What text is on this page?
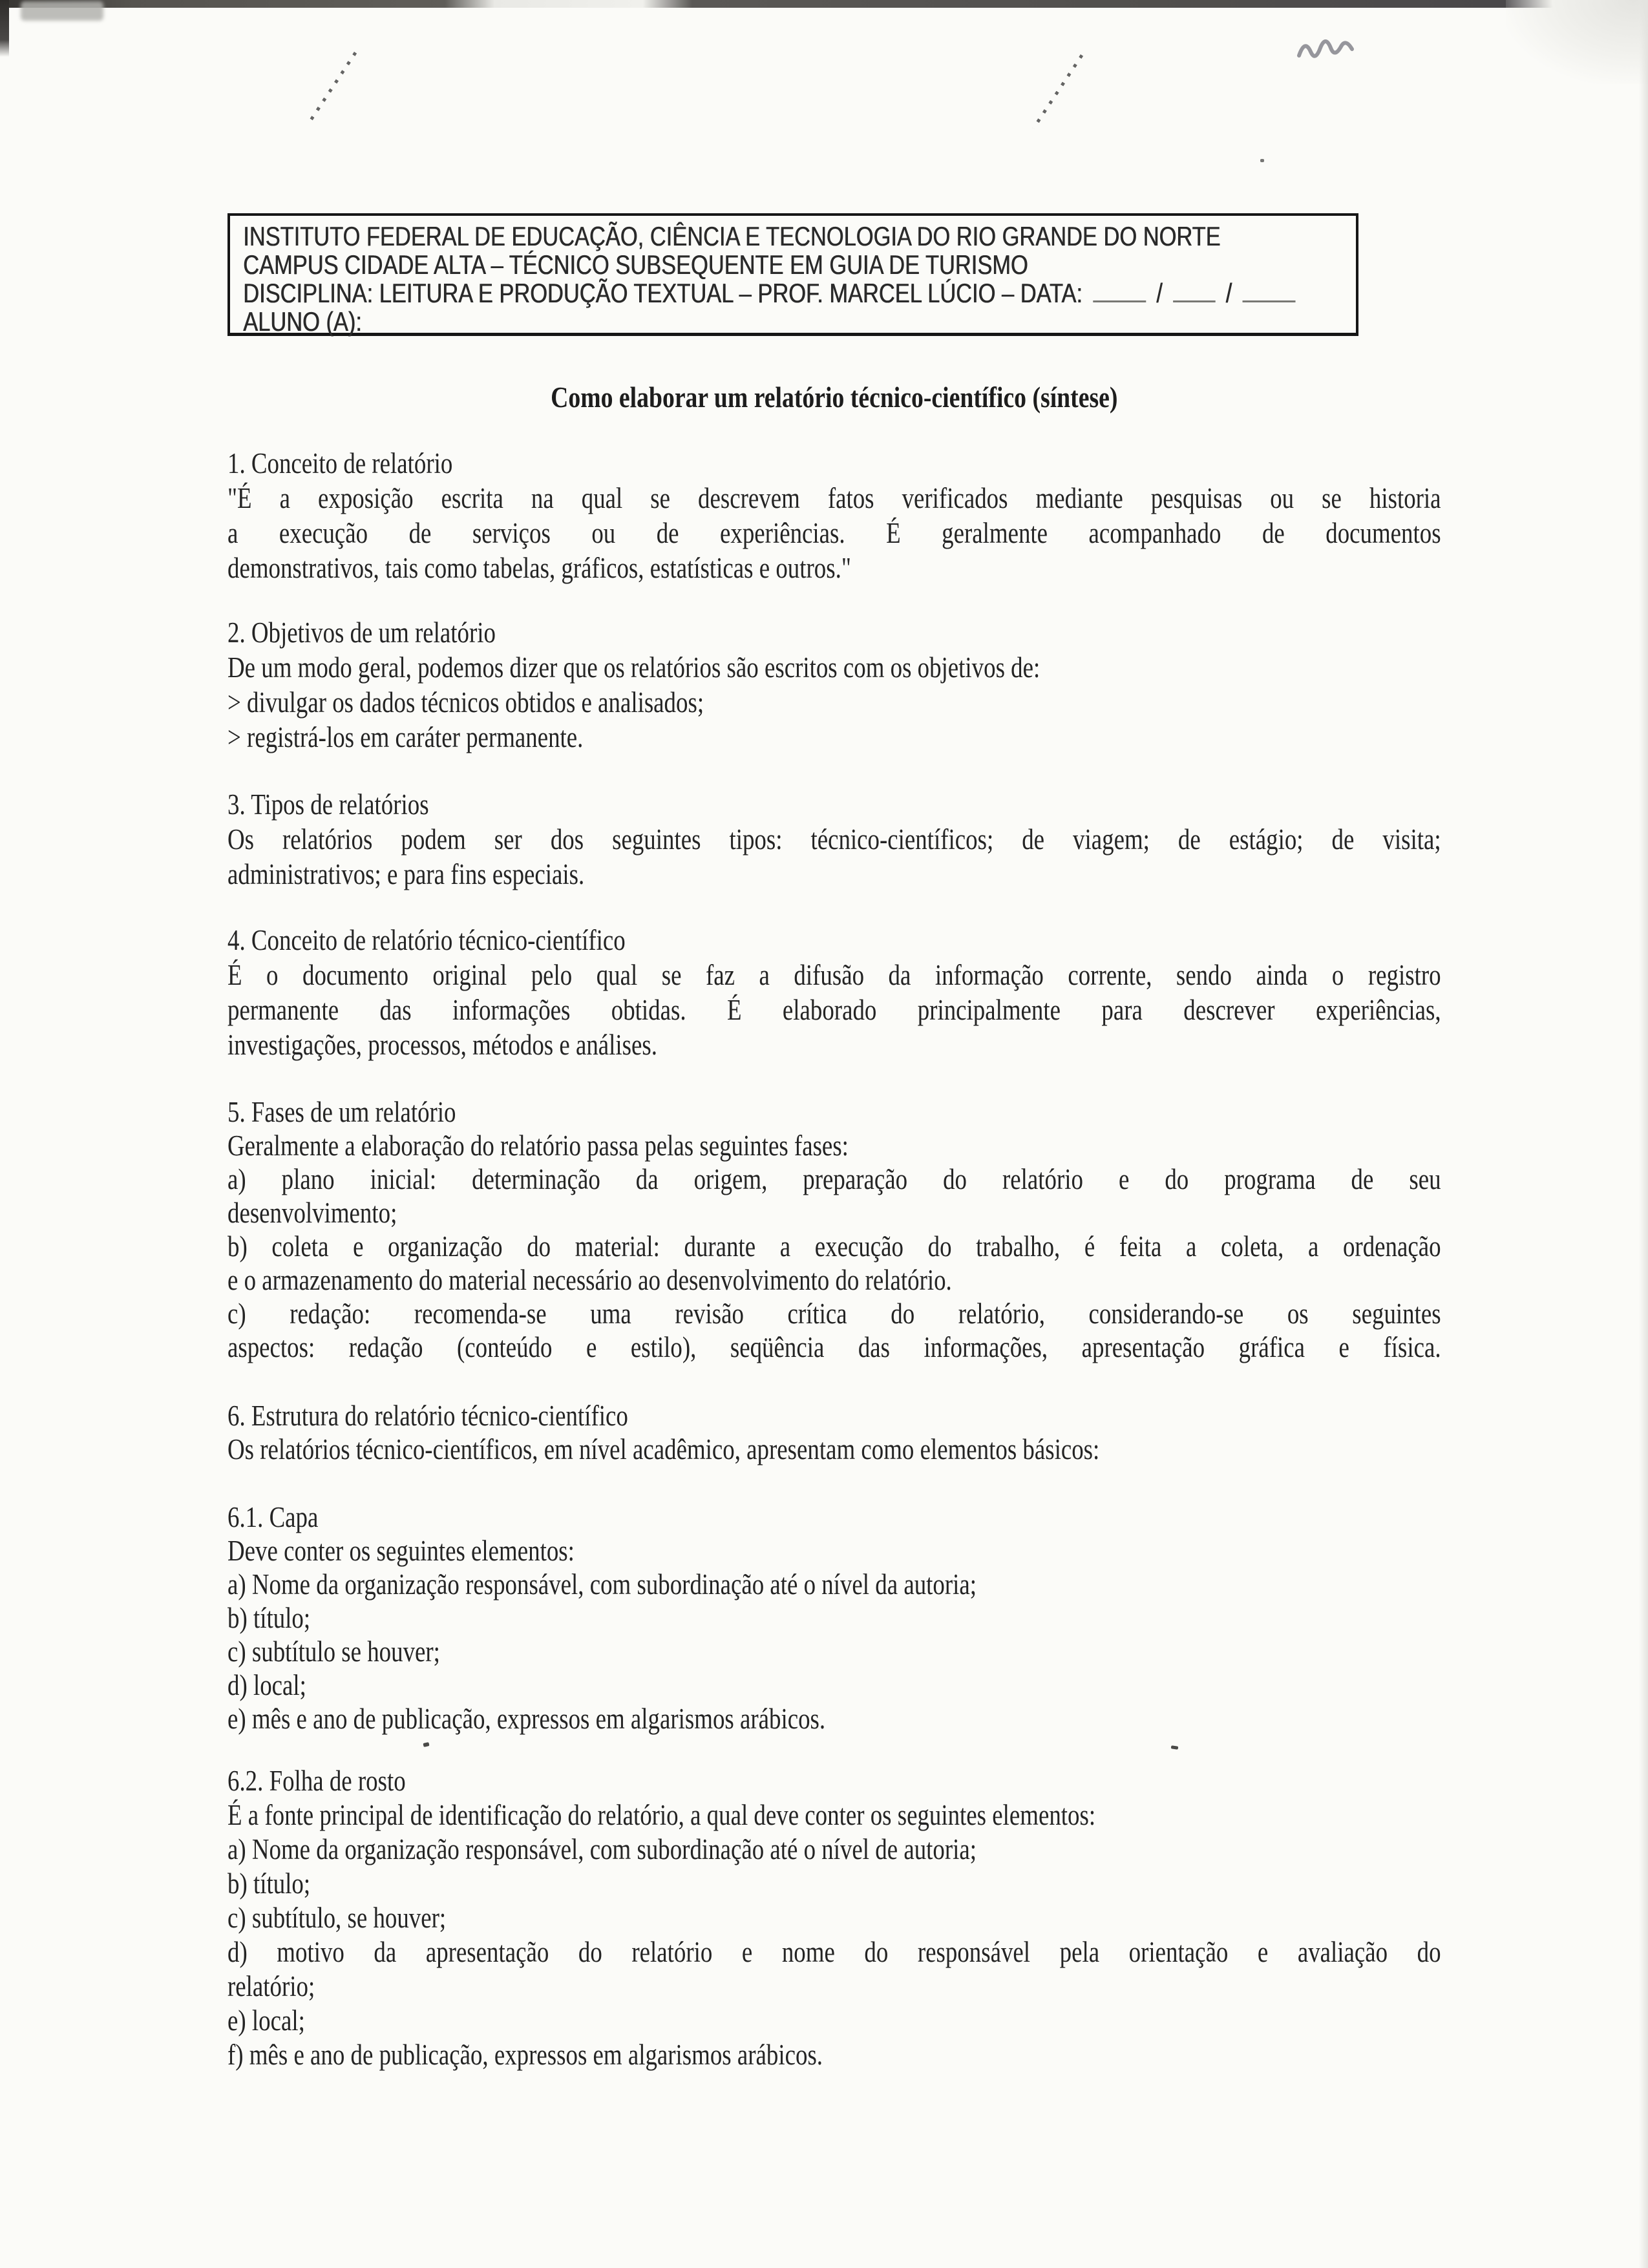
INSTITUTO FEDERAL DE EDUCAÇÃO, CIÊNCIA E TECNOLOGIA DO RIO GRANDE DO NORTE
CAMPUS CIDADE ALTA – TÉCNICO SUBSEQUENTE EM GUIA DE TURISMO
DISCIPLINA: LEITURA E PRODUÇÃO TEXTUAL – PROF. MARCEL LÚCIO – DATA:	/ /
ALUNO (A):
Como elaborar um relatório técnico-científico (síntese)
1. Conceito de relatório
"É a exposição escrita na qual se descrevem fatos verificados mediante pesquisas ou se historia
a execução de serviços ou de experiências. É geralmente acompanhado de documentos
demonstrativos, tais como tabelas, gráficos, estatísticas e outros."
2. Objetivos de um relatório
De um modo geral, podemos dizer que os relatórios são escritos com os objetivos de:
> divulgar os dados técnicos obtidos e analisados;
> registrá-los em caráter permanente.
3. Tipos de relatórios
Os relatórios podem ser dos seguintes tipos: técnico-científicos; de viagem; de estágio; de visita;
administrativos; e para fins especiais.
4. Conceito de relatório técnico-científico
É o documento original pelo qual se faz a difusão da informação corrente, sendo ainda o registro
permanente das informações obtidas. É elaborado principalmente para descrever experiências,
investigações, processos, métodos e análises.
5. Fases de um relatório
Geralmente a elaboração do relatório passa pelas seguintes fases:
a) plano inicial: determinação da origem, preparação do relatório e do programa de seu
desenvolvimento;
b) coleta e organização do material: durante a execução do trabalho, é feita a coleta, a ordenação
e o armazenamento do material necessário ao desenvolvimento do relatório.
c) redação: recomenda-se uma revisão crítica do relatório, considerando-se os seguintes
aspectos: redação (conteúdo e estilo), seqüência das informações, apresentação gráfica e física.
6. Estrutura do relatório técnico-científico
Os relatórios técnico-científicos, em nível acadêmico, apresentam como elementos básicos:
6.1. Capa
Deve conter os seguintes elementos:
a) Nome da organização responsável, com subordinação até o nível da autoria;
b) título;
c) subtítulo se houver;
d) local;
e) mês e ano de publicação, expressos em algarismos arábicos.
6.2. Folha de rosto
É a fonte principal de identificação do relatório, a qual deve conter os seguintes elementos:
a) Nome da organização responsável, com subordinação até o nível de autoria;
b) título;
c) subtítulo, se houver;
d) motivo da apresentação do relatório e nome do responsável pela orientação e avaliação do
relatório;
e) local;
f) mês e ano de publicação, expressos em algarismos arábicos.
